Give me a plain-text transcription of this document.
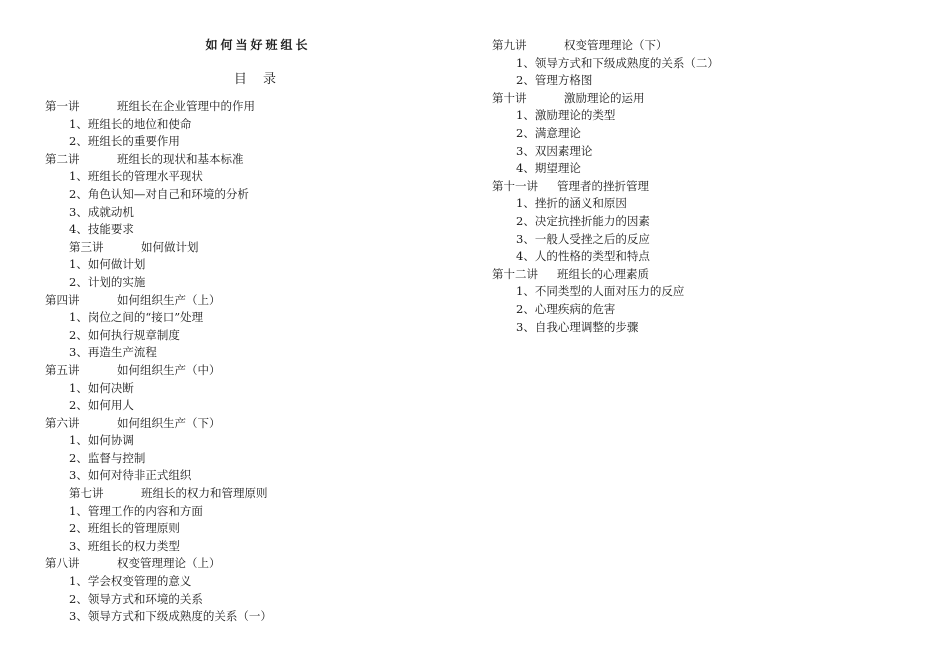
如何当好班组长
目 录
第一讲	班组长在企业管理中的作用
1、班组长的地位和使命
2、班组长的重要作用
第二讲	班组长的现状和基本标准
1、班组长的管理水平现状
2、角色认知—对自己和环境的分析
3、成就动机
4、技能要求
第三讲	如何做计划
1、如何做计划
2、计划的实施
第四讲	如何组织生产（上）
1、岗位之间的“接口”处理
2、如何执行规章制度
3、再造生产流程
第五讲	如何组织生产（中）
1、如何决断
2、如何用人
第六讲	如何组织生产（下）
1、如何协调
2、监督与控制
3、如何对待非正式组织
第七讲	班组长的权力和管理原则
1、管理工作的内容和方面
2、班组长的管理原则
3、班组长的权力类型
第八讲	权变管理理论（上）
1、学会权变管理的意义
2、领导方式和环境的关系
3、领导方式和下级成熟度的关系（一）
第九讲	权变管理理论（下）
1、领导方式和下级成熟度的关系（二）
2、管理方格图
第十讲	激励理论的运用
1、激励理论的类型
2、满意理论
3、双因素理论
4、期望理论
第十一讲 管理者的挫折管理
1、挫折的涵义和原因
2、决定抗挫折能力的因素
3、一般人受挫之后的反应
4、人的性格的类型和特点
第十二讲 班组长的心理素质
1、不同类型的人面对压力的反应
2、心理疾病的危害
3、自我心理调整的步骤
